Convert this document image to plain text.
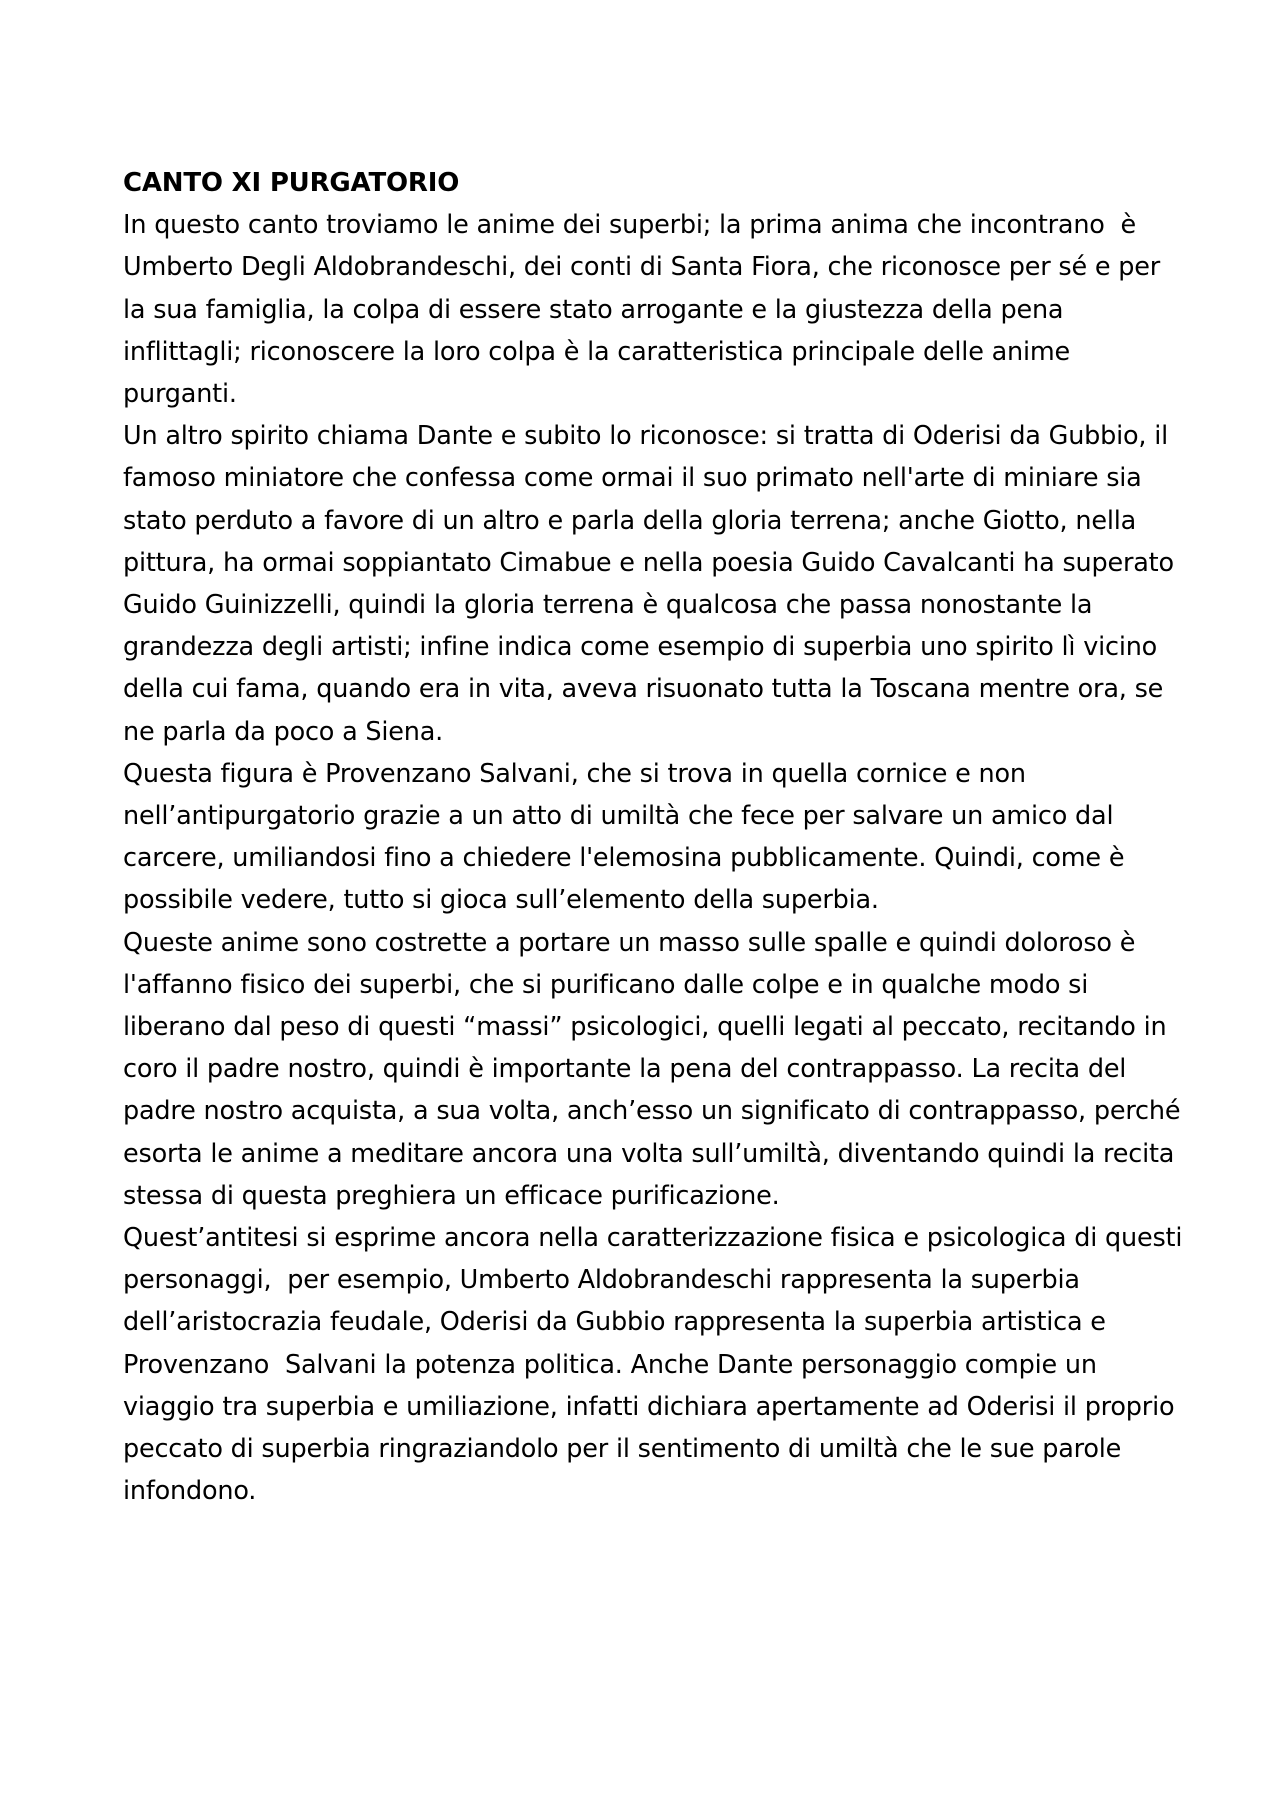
CANTO XI PURGATORIO

In questo canto troviamo le anime dei superbi; la prima anima che incontrano  è Umberto Degli Aldobrandeschi, dei conti di Santa Fiora, che riconosce per sé e per la sua famiglia, la colpa di essere stato arrogante e la giustezza della pena inflittagli; riconoscere la loro colpa è la caratteristica principale delle anime purganti.

Un altro spirito chiama Dante e subito lo riconosce: si tratta di Oderisi da Gubbio, il famoso miniatore che confessa come ormai il suo primato nell'arte di miniare sia stato perduto a favore di un altro e parla della gloria terrena; anche Giotto, nella pittura, ha ormai soppiantato Cimabue e nella poesia Guido Cavalcanti ha superato Guido Guinizzelli, quindi la gloria terrena è qualcosa che passa nonostante la grandezza degli artisti; infine indica come esempio di superbia uno spirito lì vicino della cui fama, quando era in vita, aveva risuonato tutta la Toscana mentre ora, se ne parla da poco a Siena.

Questa figura è Provenzano Salvani, che si trova in quella cornice e non nell’antipurgatorio grazie a un atto di umiltà che fece per salvare un amico dal carcere, umiliandosi fino a chiedere l'elemosina pubblicamente. Quindi, come è possibile vedere, tutto si gioca sull’elemento della superbia.

Queste anime sono costrette a portare un masso sulle spalle e quindi doloroso è l'affanno fisico dei superbi, che si purificano dalle colpe e in qualche modo si liberano dal peso di questi “massi” psicologici, quelli legati al peccato, recitando in coro il padre nostro, quindi è importante la pena del contrappasso. La recita del padre nostro acquista, a sua volta, anch’esso un significato di contrappasso, perché esorta le anime a meditare ancora una volta sull’umiltà, diventando quindi la recita stessa di questa preghiera un efficace purificazione.

Quest’antitesi si esprime ancora nella caratterizzazione fisica e psicologica di questi personaggi,  per esempio, Umberto Aldobrandeschi rappresenta la superbia dell’aristocrazia feudale, Oderisi da Gubbio rappresenta la superbia artistica e Provenzano  Salvani la potenza politica. Anche Dante personaggio compie un viaggio tra superbia e umiliazione, infatti dichiara apertamente ad Oderisi il proprio peccato di superbia ringraziandolo per il sentimento di umiltà che le sue parole infondono.
